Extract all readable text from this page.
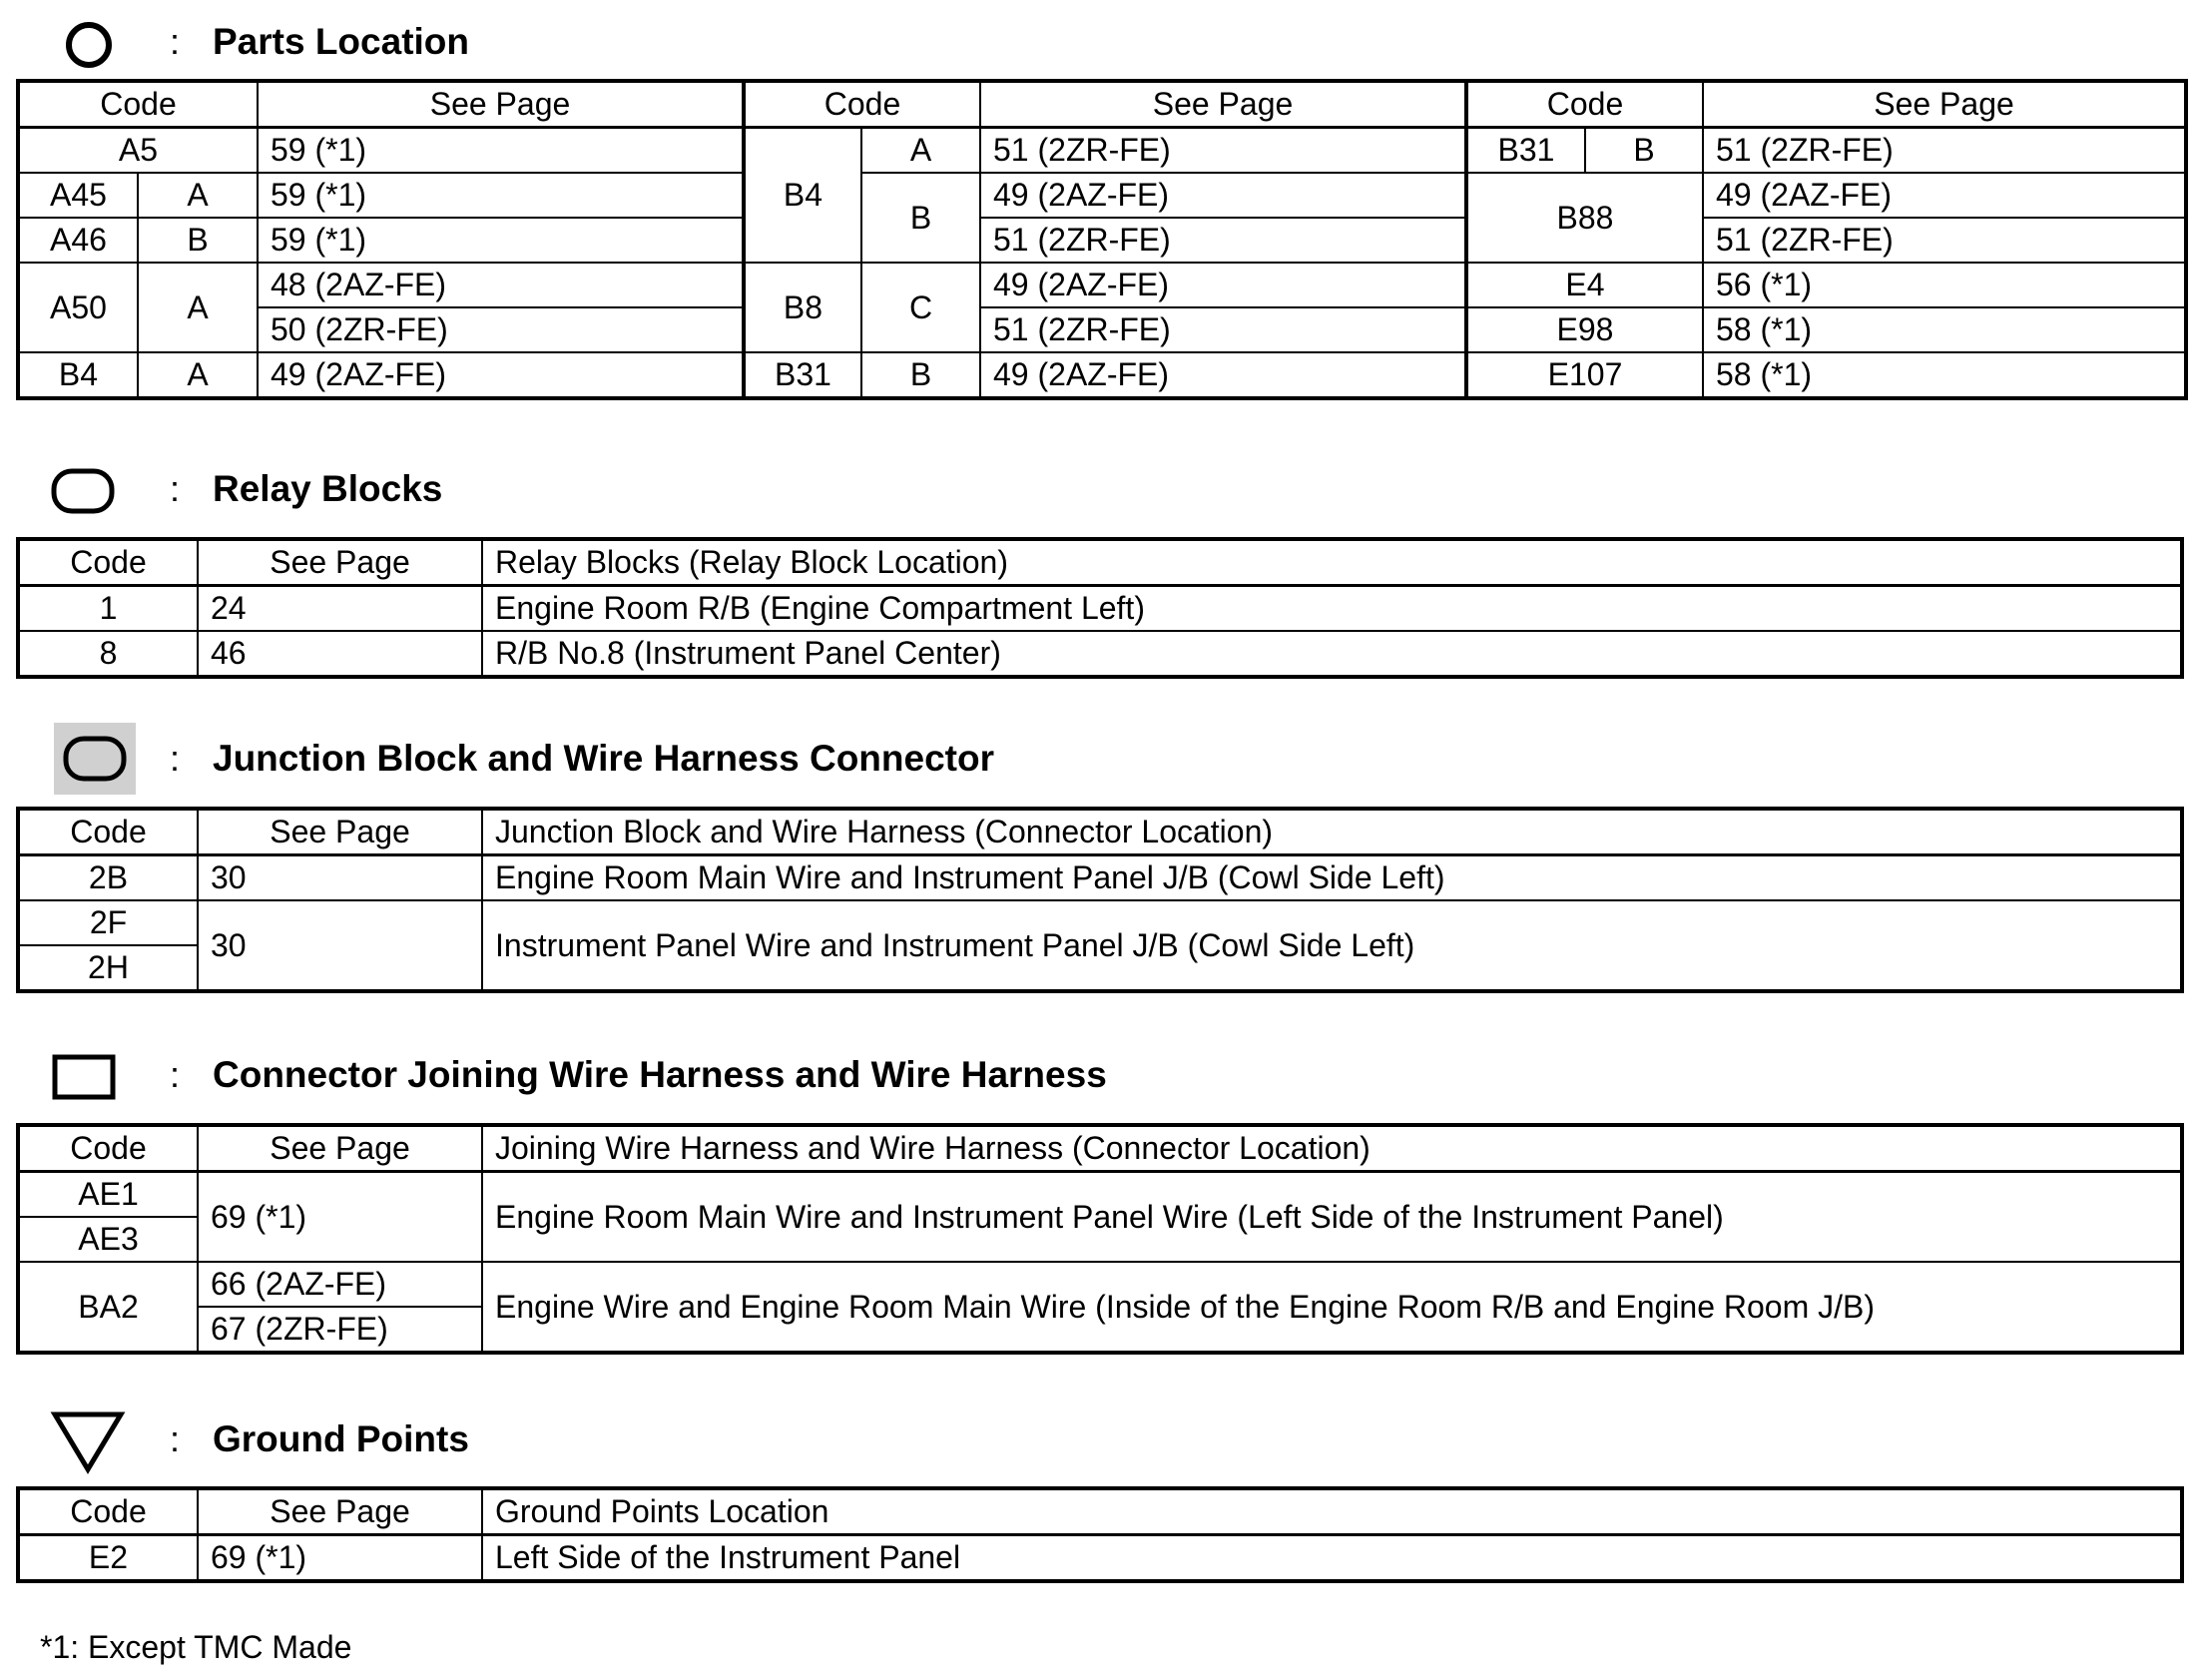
: Parts Location
Code		See Page	Code		See Page	Code		See Page
A5		59 (*1)	B4	A	51 (2ZR-FE)	B31	B	51 (2ZR-FE)
A45	A	59 (*1)		B	49 (2AZ-FE)	B88		49 (2AZ-FE)
A46	B	59 (*1)			51 (2ZR-FE)			51 (2ZR-FE)
A50	A	48 (2AZ-FE)	B8	C	49 (2AZ-FE)	E4		56 (*1)
		50 (2ZR-FE)			51 (2ZR-FE)	E98		58 (*1)
B4	A	49 (2AZ-FE)	B31	B	49 (2AZ-FE)	E107		58 (*1)
: Relay Blocks
Code	See Page	Relay Blocks (Relay Block Location)
1	24	Engine Room R/B (Engine Compartment Left)
8	46	R/B No.8 (Instrument Panel Center)
: Junction Block and Wire Harness Connector
Code	See Page	Junction Block and Wire Harness (Connector Location)
2B	30	Engine Room Main Wire and Instrument Panel J/B (Cowl Side Left)
2F	30	Instrument Panel Wire and Instrument Panel J/B (Cowl Side Left)
2H		
: Connector Joining Wire Harness and Wire Harness
Code	See Page	Joining Wire Harness and Wire Harness (Connector Location)
AE1	69 (*1)	Engine Room Main Wire and Instrument Panel Wire (Left Side of the Instrument Panel)
AE3		
BA2	66 (2AZ-FE)	Engine Wire and Engine Room Main Wire (Inside of the Engine Room R/B and Engine Room J/B)
	67 (2ZR-FE)	
: Ground Points
Code	See Page	Ground Points Location
E2	69 (*1)	Left Side of the Instrument Panel
*1: Except TMC Made
